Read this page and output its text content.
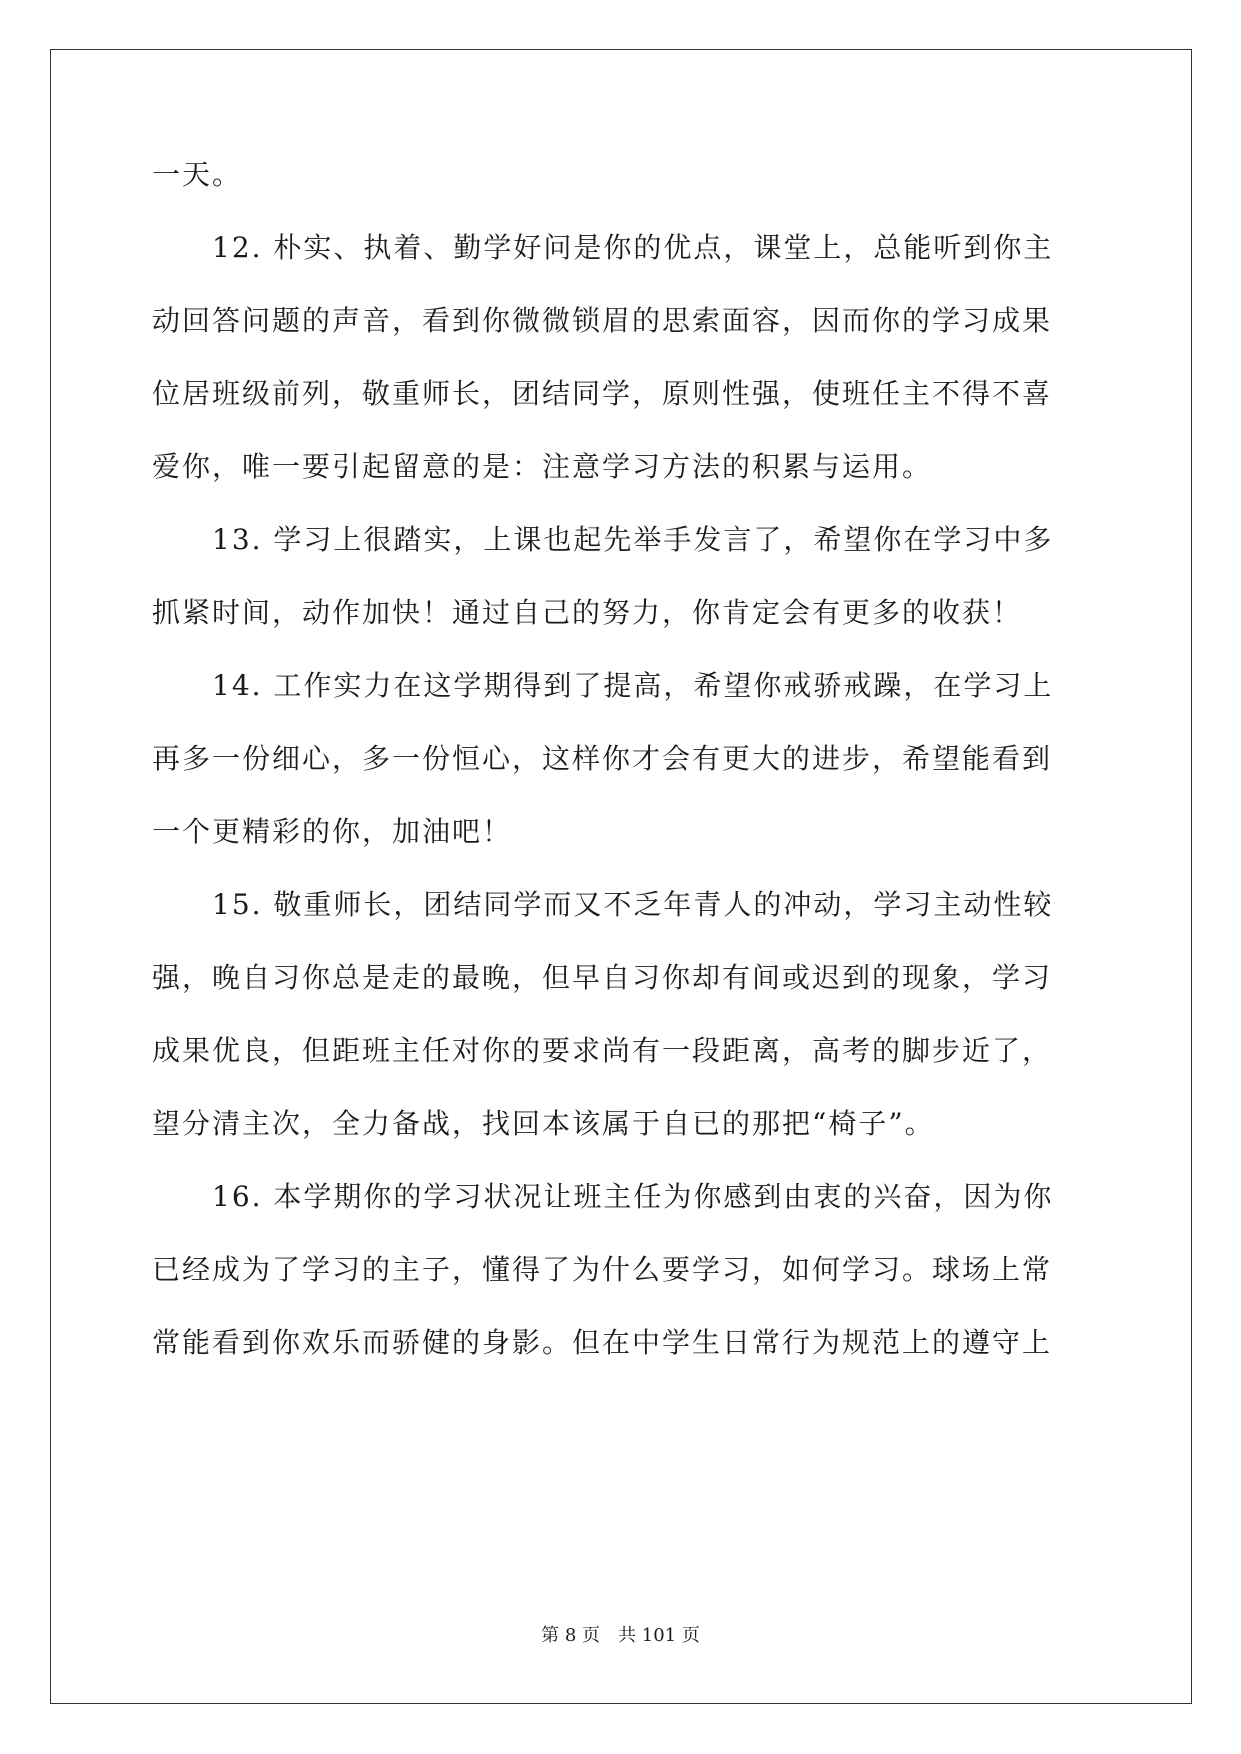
一天。
　　12. 朴实、执着、勤学好问是你的优点，课堂上，总能听到你主
动回答问题的声音，看到你微微锁眉的思索面容，因而你的学习成果
位居班级前列，敬重师长，团结同学，原则性强，使班任主不得不喜
爱你，唯一要引起留意的是：注意学习方法的积累与运用。
　　13. 学习上很踏实，上课也起先举手发言了，希望你在学习中多
抓紧时间，动作加快！通过自己的努力，你肯定会有更多的收获！
　　14. 工作实力在这学期得到了提高，希望你戒骄戒躁，在学习上
再多一份细心，多一份恒心，这样你才会有更大的进步，希望能看到
一个更精彩的你，加油吧！
　　15. 敬重师长，团结同学而又不乏年青人的冲动，学习主动性较
强，晚自习你总是走的最晚，但早自习你却有间或迟到的现象，学习
成果优良，但距班主任对你的要求尚有一段距离，高考的脚步近了，
望分清主次，全力备战，找回本该属于自已的那把“椅子”。
　　16. 本学期你的学习状况让班主任为你感到由衷的兴奋，因为你
已经成为了学习的主子，懂得了为什么要学习，如何学习。球场上常
常能看到你欢乐而骄健的身影。但在中学生日常行为规范上的遵守上
第 8 页　共 101 页
